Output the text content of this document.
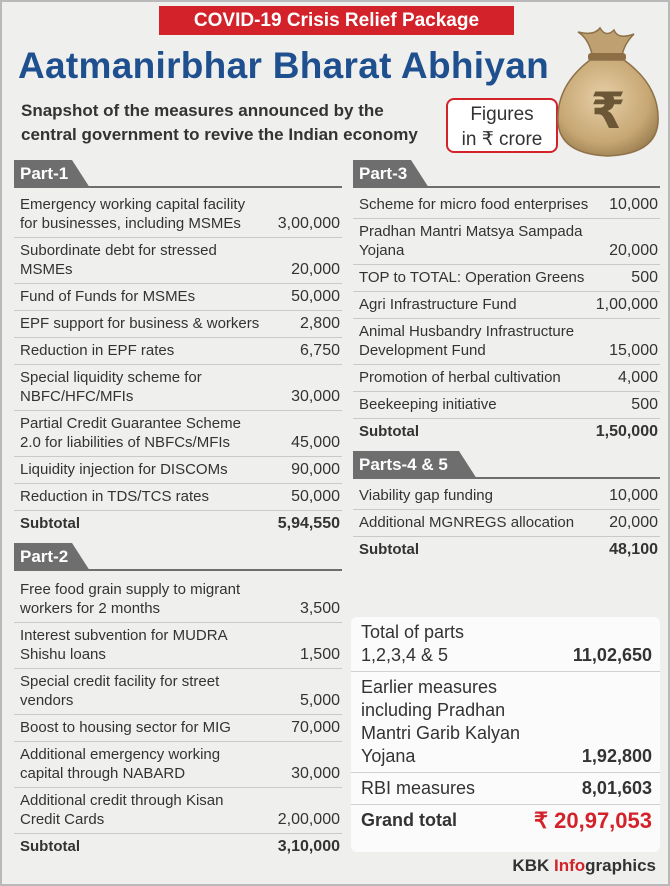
COVID-19 Crisis Relief Package
Aatmanirbhar Bharat Abhiyan
Snapshot of the measures announced by the central government to revive the Indian economy
Figures
in ₹ crore ₹
Part-1
Emergency working capital facility for businesses, including MSMEs	3,00,000
Subordinate debt for stressed MSMEs	20,000
Fund of Funds for MSMEs	50,000
EPF support for business & workers	2,800
Reduction in EPF rates	6,750
Special liquidity scheme for NBFC/HFC/MFIs	30,000
Partial Credit Guarantee Scheme 2.0 for liabilities of NBFCs/MFIs	45,000
Liquidity injection for DISCOMs	90,000
Reduction in TDS/TCS rates	50,000
Subtotal	5,94,550
Part-2
Free food grain supply to migrant workers for 2 months	3,500
Interest subvention for MUDRA Shishu loans	1,500
Special credit facility for street vendors	5,000
Boost to housing sector for MIG	70,000
Additional emergency working capital through NABARD	30,000
Additional credit through Kisan Credit Cards	2,00,000
Subtotal	3,10,000
Part-3
Scheme for micro food enterprises	10,000
Pradhan Mantri Matsya Sampada Yojana	20,000
TOP to TOTAL: Operation Greens	500
Agri Infrastructure Fund	1,00,000
Animal Husbandry Infrastructure Development Fund	15,000
Promotion of herbal cultivation	4,000
Beekeeping initiative	500
Subtotal	1,50,000
Parts-4 & 5
Viability gap funding	10,000
Additional MGNREGS allocation	20,000
Subtotal	48,100
Total of parts 1,2,3,4 & 5	11,02,650
Earlier measures including Pradhan Mantri Garib Kalyan Yojana	1,92,800
RBI measures	8,01,603
Grand total	₹ 20,97,053
KBK Infographics
